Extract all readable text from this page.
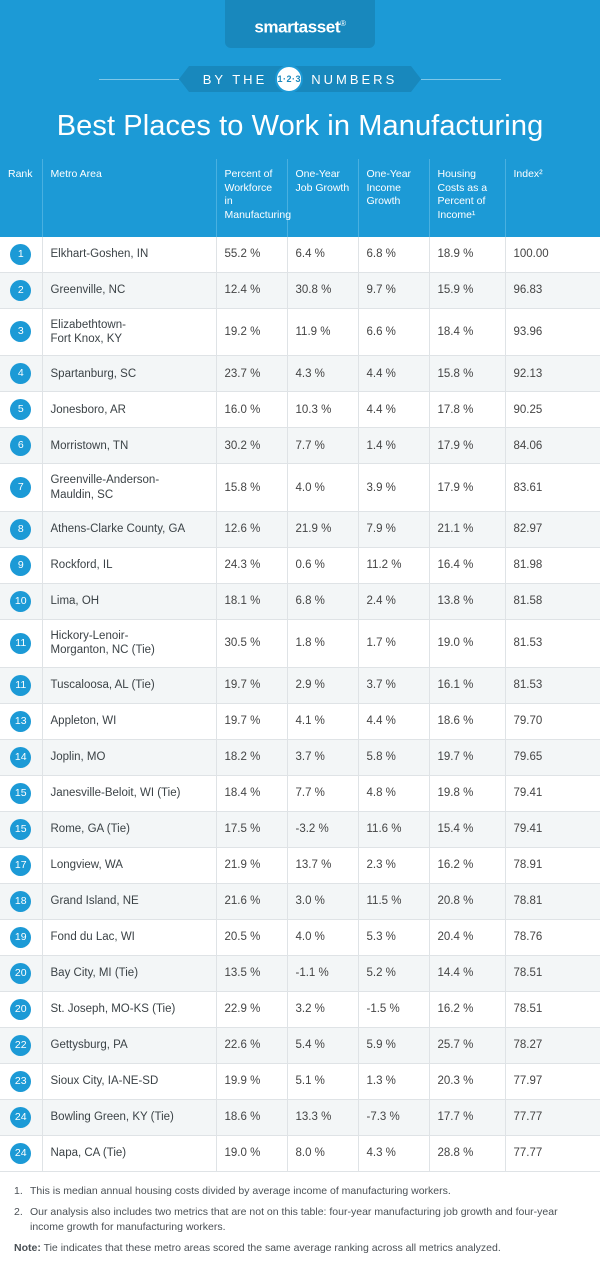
smartasset®
BY THE 1·2·3 NUMBERS
Best Places to Work in Manufacturing
Rank	Metro Area	Percent of Workforce in Manufacturing	One-Year Job Growth	One-Year Income Growth	Housing Costs as a Percent of Income¹	Index²
1	Elkhart-Goshen, IN	55.2 %	6.4 %	6.8 %	18.9 %	100.00
2	Greenville, NC	12.4 %	30.8 %	9.7 %	15.9 %	96.83
3	Elizabethtown-
Fort Knox, KY	19.2 %	11.9 %	6.6 %	18.4 %	93.96
4	Spartanburg, SC	23.7 %	4.3 %	4.4 %	15.8 %	92.13
5	Jonesboro, AR	16.0 %	10.3 %	4.4 %	17.8 %	90.25
6	Morristown, TN	30.2 %	7.7 %	1.4 %	17.9 %	84.06
7	Greenville-Anderson-
Mauldin, SC	15.8 %	4.0 %	3.9 %	17.9 %	83.61
8	Athens-Clarke County, GA	12.6 %	21.9 %	7.9 %	21.1 %	82.97
9	Rockford, IL	24.3 %	0.6 %	11.2 %	16.4 %	81.98
10	Lima, OH	18.1 %	6.8 %	2.4 %	13.8 %	81.58
11	Hickory-Lenoir-
Morganton, NC (Tie)	30.5 %	1.8 %	1.7 %	19.0 %	81.53
11	Tuscaloosa, AL (Tie)	19.7 %	2.9 %	3.7 %	16.1 %	81.53
13	Appleton, WI	19.7 %	4.1 %	4.4 %	18.6 %	79.70
14	Joplin, MO	18.2 %	3.7 %	5.8 %	19.7 %	79.65
15	Janesville-Beloit, WI (Tie)	18.4 %	7.7 %	4.8 %	19.8 %	79.41
15	Rome, GA (Tie)	17.5 %	-3.2 %	11.6 %	15.4 %	79.41
17	Longview, WA	21.9 %	13.7 %	2.3 %	16.2 %	78.91
18	Grand Island, NE	21.6 %	3.0 %	11.5 %	20.8 %	78.81
19	Fond du Lac, WI	20.5 %	4.0 %	5.3 %	20.4 %	78.76
20	Bay City, MI (Tie)	13.5 %	-1.1 %	5.2 %	14.4 %	78.51
20	St. Joseph, MO-KS (Tie)	22.9 %	3.2 %	-1.5 %	16.2 %	78.51
22	Gettysburg, PA	22.6 %	5.4 %	5.9 %	25.7 %	78.27
23	Sioux City, IA-NE-SD	19.9 %	5.1 %	1.3 %	20.3 %	77.97
24	Bowling Green, KY (Tie)	18.6 %	13.3 %	-7.3 %	17.7 %	77.77
24	Napa, CA (Tie)	19.0 %	8.0 %	4.3 %	28.8 %	77.77
1. This is median annual housing costs divided by average income of manufacturing workers.
2. Our analysis also includes two metrics that are not on this table: four-year manufacturing job growth and four-year income growth for manufacturing workers.
Note: Tie indicates that these metro areas scored the same average ranking across all metrics analyzed.
